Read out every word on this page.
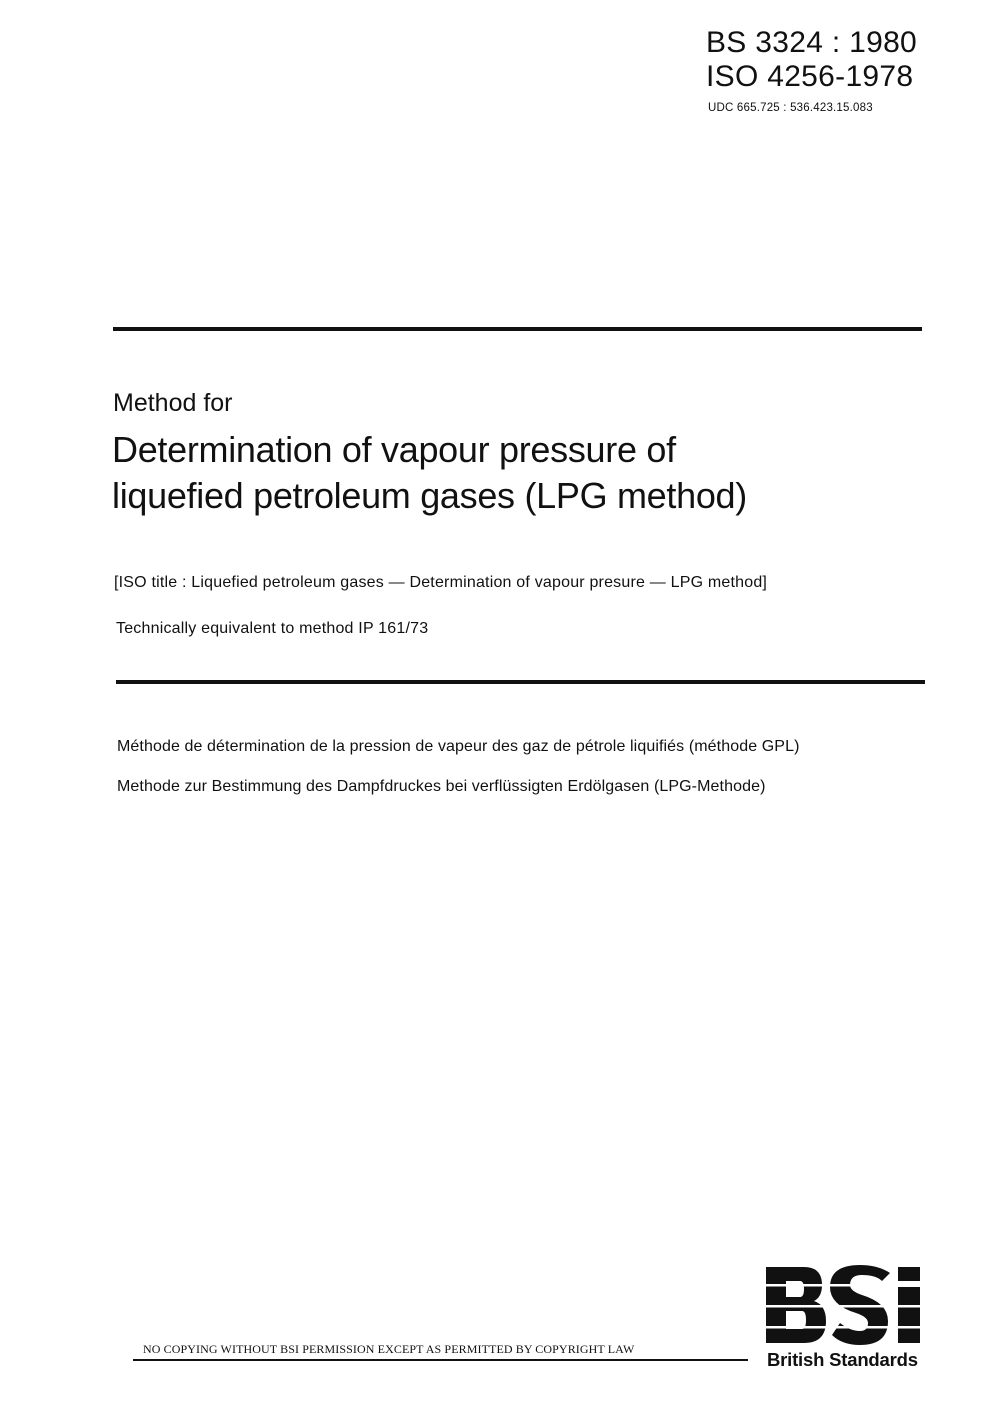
BS 3324 : 1980
ISO 4256-1978
UDC 665.725 : 536.423.15.083
Method for
Determination of vapour pressure of
liquefied petroleum gases (LPG method)
[ISO title : Liquefied petroleum gases — Determination of vapour presure — LPG method]
Technically equivalent to method IP 161/73
Méthode de détermination de la pression de vapeur des gaz de pétrole liquifiés (méthode GPL)
Methode zur Bestimmung des Dampfdruckes bei verflüssigten Erdölgasen (LPG-Methode)
NO COPYING WITHOUT BSI PERMISSION EXCEPT AS PERMITTED BY COPYRIGHT LAW	British Standards
